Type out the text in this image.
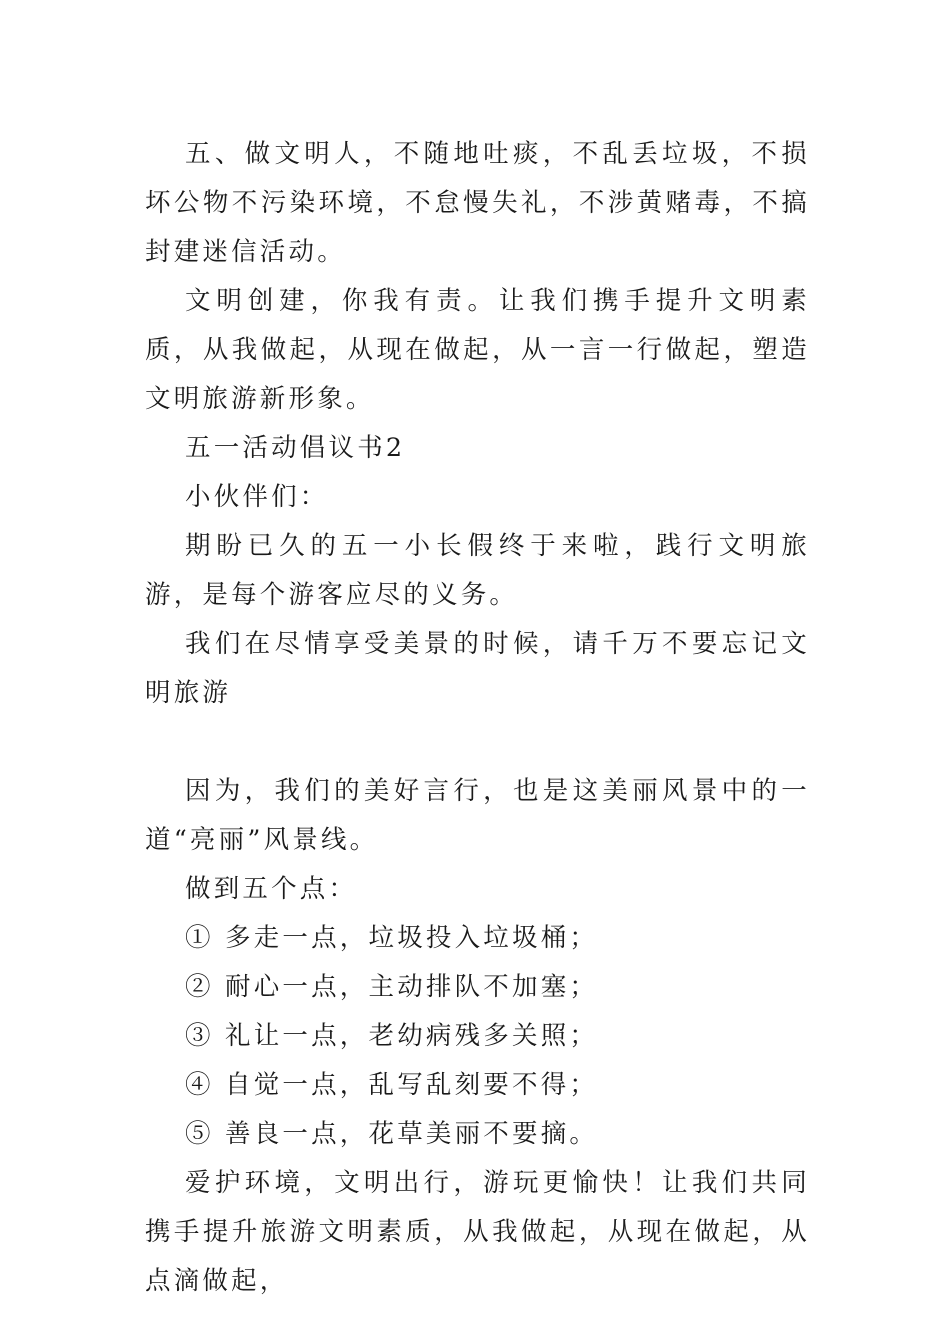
五、做文明人，不随地吐痰，不乱丢垃圾，不损坏公物不污染环境，不怠慢失礼，不涉黄赌毒，不搞封建迷信活动。

文明创建，你我有责。让我们携手提升文明素质，从我做起，从现在做起，从一言一行做起，塑造文明旅游新形象。

五一活动倡议书2

小伙伴们：

期盼已久的五一小长假终于来啦，践行文明旅游，是每个游客应尽的义务。

我们在尽情享受美景的时候，请千万不要忘记文明旅游

因为，我们的美好言行，也是这美丽风景中的一道“亮丽”风景线。

做到五个点：

① 多走一点，垃圾投入垃圾桶；

② 耐心一点，主动排队不加塞；

③ 礼让一点，老幼病残多关照；

④ 自觉一点，乱写乱刻要不得；

⑤ 善良一点，花草美丽不要摘。

爱护环境，文明出行，游玩更愉快！让我们共同携手提升旅游文明素质，从我做起，从现在做起，从点滴做起，
